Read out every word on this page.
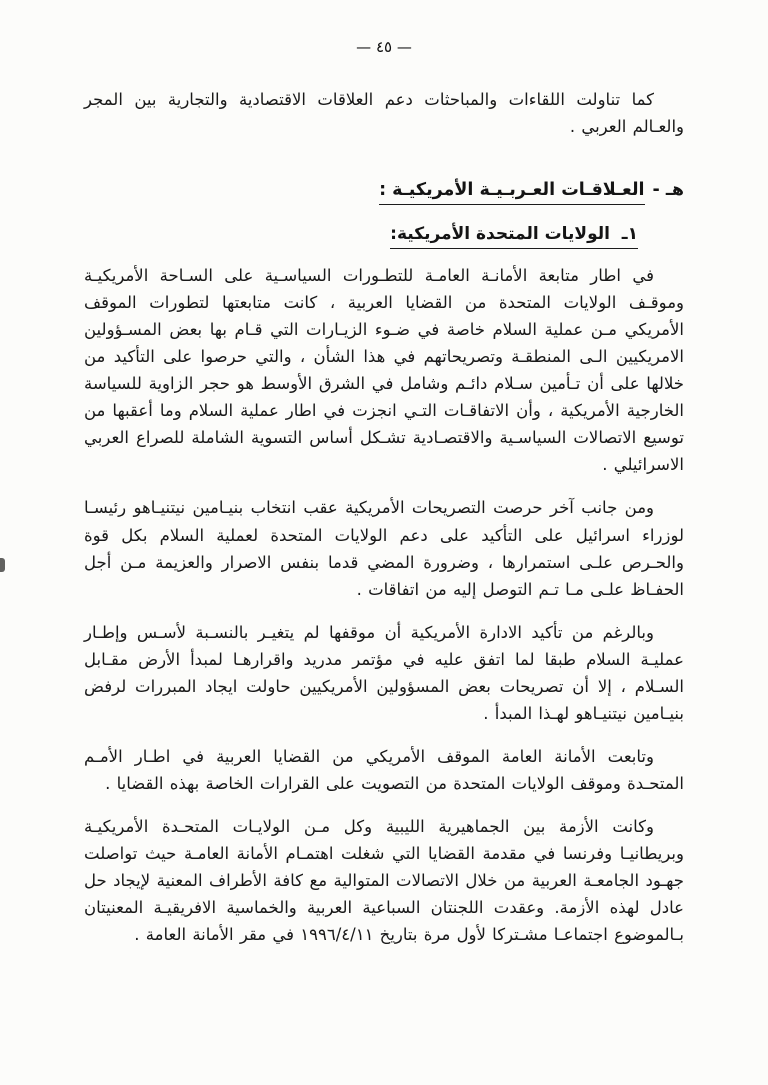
— ٤٥ —

كما تناولت اللقاءات والمباحثات دعم العلاقات الاقتصادية والتجارية بين المجر والعـالم العربي .

هـ -العـلاقـات العـربـيـة الأمريكيـة :
١ـ  الولايات المتحدة الأمريكية:

في اطار متابعة الأمانـة العامـة للتطـورات السياسـية على السـاحة الأمريكيـة وموقـف الولايات المتحدة من القضايا العربية ، كانت متابعتها لتطورات الموقف الأمريكي مـن عملية السلام خاصة في ضـوء الزيـارات التي قـام بها بعض المسـؤولين الامريكيين الـى المنطقـة وتصريحاتهم في هذا الشأن ، والتي حرصوا على التأكيد من خلالها على أن تـأمين سـلام دائـم وشامل في الشرق الأوسط هو حجر الزاوية للسياسة الخارجية الأمريكية ، وأن الاتفاقـات التـي انجزت في اطار عملية السلام وما أعقبها من توسيع الاتصالات السياسـية والاقتصـادية تشـكل أساس التسوية الشاملة للصراع العربي الاسرائيلي .

ومن جانب آخر حرصت التصريحات الأمريكية عقب انتخاب بنيـامين نيتنيـاهو رئيسـا لوزراء اسرائيل على التأكيد على دعم الولايات المتحدة لعملية السلام بكل قوة والحـرص علـى استمرارها ، وضرورة المضي قدما بنفس الاصرار والعزيمة مـن أجل الحفـاظ علـى مـا تـم التوصل إليه من اتفاقات .

وبالرغم من تأكيد الادارة الأمريكية أن موقفها لم يتغيـر بالنسـبة لأسـس وإطـار عمليـة السلام طبقا لما اتفق عليه في مؤتمر مدريد واقرارهـا لمبدأ الأرض مقـابل السـلام ، إلا أن تصريحات بعض المسؤولين الأمريكيين حاولت ايجاد المبررات لرفض بنيـامين نيتنيـاهو لهـذا المبدأ .

وتابعت الأمانة العامة الموقف الأمريكي من القضايا العربية في اطـار الأمـم المتحـدة وموقف الولايات المتحدة من التصويت على القرارات الخاصة بهذه القضايا .

وكانت الأزمة بين الجماهيرية الليبية وكل مـن الولايـات المتحـدة الأمريكيـة وبريطانيـا وفرنسا في مقدمة القضايا التي شغلت اهتمـام الأمانة العامـة حيث تواصلت جهـود الجامعـة العربية من خلال الاتصالات المتوالية مع كافة الأطراف المعنية لإيجاد حل عادل لهذه الأزمة. وعقدت اللجنتان السباعية العربية والخماسية الافريقيـة المعنيتان بـالموضوع اجتماعـا مشـتركا لأول مرة بتاريخ ١٩٩٦/٤/١١ في مقر الأمانة العامة .
